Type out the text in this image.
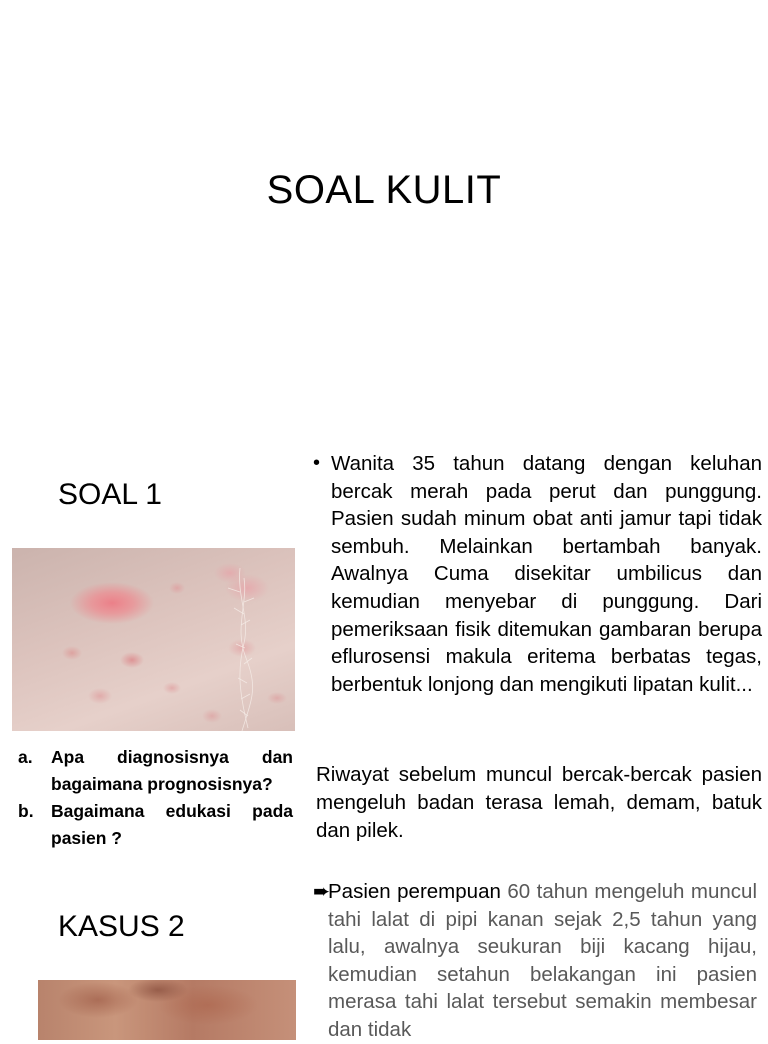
SOAL KULIT
SOAL 1
a. Apa diagnosisnya dan bagaimana prognosisnya?
b. Bagaimana edukasi pada pasien ?
• Wanita 35 tahun datang dengan keluhan bercak merah pada perut dan punggung. Pasien sudah minum obat anti jamur tapi tidak sembuh. Melainkan bertambah banyak. Awalnya Cuma disekitar umbilicus dan kemudian menyebar di punggung. Dari pemeriksaan fisik ditemukan gambaran berupa eflurosensi makula eritema berbatas tegas, berbentuk lonjong dan mengikuti lipatan kulit...
Riwayat sebelum muncul bercak-bercak pasien mengeluh badan terasa lemah, demam, batuk dan pilek.
KASUS 2
➨
Pasien perempuan 60 tahun mengeluh muncul tahi lalat di pipi kanan sejak 2,5 tahun yang lalu, awalnya seukuran biji kacang hijau, kemudian setahun belakangan ini pasien merasa tahi lalat tersebut semakin membesar dan tidak
